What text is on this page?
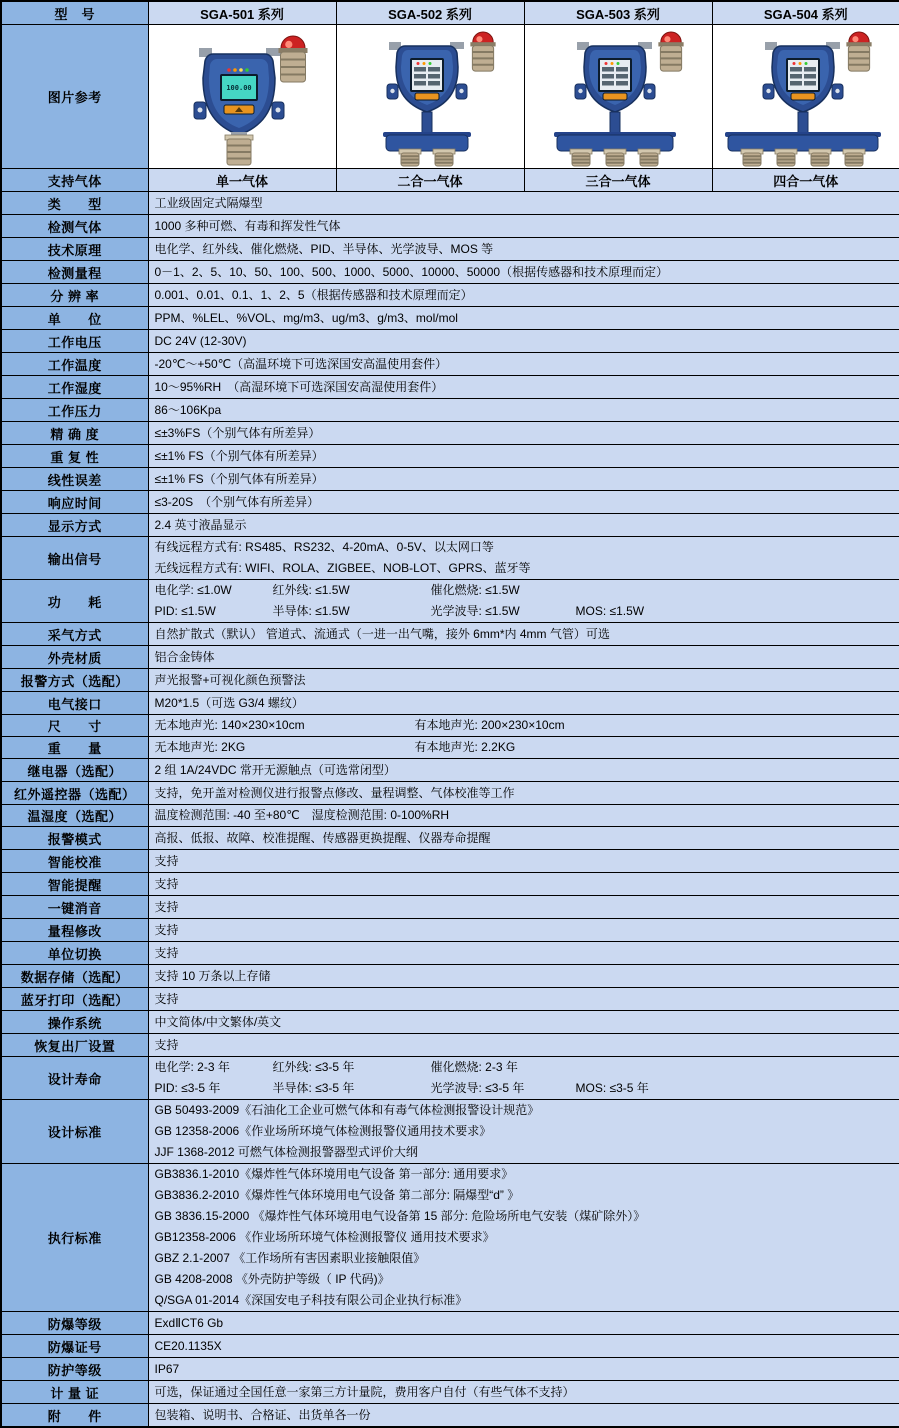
型　号	SGA-501 系列	SGA-502 系列	SGA-503 系列	SGA-504 系列
图片参考	100.00

支持气体	单一气体	二合一气体	三合一气体	四合一气体
类　　型	工业级固定式隔爆型			

检测气体	1000 多种可燃、有毒和挥发性气体			

技术原理	电化学、红外线、催化燃烧、PID、半导体、光学波导、MOS 等			

检测量程	0－1、2、5、10、50、100、500、1000、5000、10000、50000（根据传感器和技术原理而定）			

分 辨 率	0.001、0.01、0.1、1、2、5（根据传感器和技术原理而定）			

单　　位	PPM、%LEL、%VOL、mg/m3、ug/m3、g/m3、mol/mol			

工作电压	DC 24V (12-30V)			

工作温度	-20℃～+50℃（高温环境下可选深国安高温使用套件）			

工作湿度	10～95%RH　（高湿环境下可选深国安高湿使用套件）			

工作压力	86～106Kpa			

精 确 度	≤±3%FS（个别气体有所差异）			

重 复 性	≤±1% FS（个别气体有所差异）			

线性误差	≤±1% FS（个别气体有所差异）			

响应时间	≤3-20S　（个别气体有所差异）			

显示方式	2.4 英寸液晶显示			

输出信号	有线远程方式有: RS485、RS232、4-20mA、0-5V、以太网口等
无线远程方式有: WIFI、ROLA、ZIGBEE、NOB-LOT、GPRS、蓝牙等			

功　　耗	
电化学: ≤1.0W	红外线: ≤1.5W	催化燃烧: ≤1.5W
PID: ≤1.5W	半导体: ≤1.5W	光学波导: ≤1.5W	MOS: ≤1.5W

采气方式	自然扩散式（默认） 管道式、流通式（一进一出气嘴，接外 6mm*内 4mm 气管）可选			

外壳材质	铝合金铸体			

报警方式（选配）	声光报警+可视化颜色预警法			

电气接口	M20*1.5（可选 G3/4 螺纹）			

尺　　寸	无本地声光: 140×230×10cm 有本地声光: 200×230×10cm			

重　　量	无本地声光: 2KG 有本地声光: 2.2KG			

继电器（选配）	2 组 1A/24VDC 常开无源触点（可选常闭型）			

红外遥控器（选配）	支持，免开盖对检测仪进行报警点修改、量程调整、气体校准等工作			

温湿度（选配）	温度检测范围: -40 至+80℃　湿度检测范围: 0-100%RH			

报警模式	高报、低报、故障、校准提醒、传感器更换提醒、仪器寿命提醒			

智能校准	支持			

智能提醒	支持			

一键消音	支持			

量程修改	支持			

单位切换	支持			

数据存储（选配）	支持 10 万条以上存储			

蓝牙打印（选配）	支持			

操作系统	中文简体/中文繁体/英文			

恢复出厂设置	支持			

设计寿命	
电化学: 2-3 年	红外线: ≤3-5 年	催化燃烧: 2-3 年
PID: ≤3-5 年	半导体: ≤3-5 年	光学波导: ≤3-5 年	MOS: ≤3-5 年

设计标准	GB 50493-2009《石油化工企业可燃气体和有毒气体检测报警设计规范》
GB 12358-2006《作业场所环境气体检测报警仪通用技术要求》
JJF 1368-2012 可燃气体检测报警器型式评价大纲			

执行标准	
GB3836.1-2010《爆炸性气体环境用电气设备 第一部分: 通用要求》
GB3836.2-2010《爆炸性气体环境用电气设备 第二部分: 隔爆型“d” 》
GB 3836.15-2000 《爆炸性气体环境用电气设备第 15 部分: 危险场所电气安装（煤矿除外）》
GB12358-2006 《作业场所环境气体检测报警仪 通用技术要求》
GBZ 2.1-2007 《工作场所有害因素职业接触限值》
GB 4208-2008 《外壳防护等级（ IP 代码)》
Q/SGA 01-2014《深国安电子科技有限公司企业执行标准》

防爆等级	ExdⅡCT6 Gb			

防爆证号	CE20.1135X			

防护等级	IP67			

计 量 证	可选，保证通过全国任意一家第三方计量院，费用客户自付（有些气体不支持）			

附　　件	包装箱、说明书、合格证、出货单各一份			
